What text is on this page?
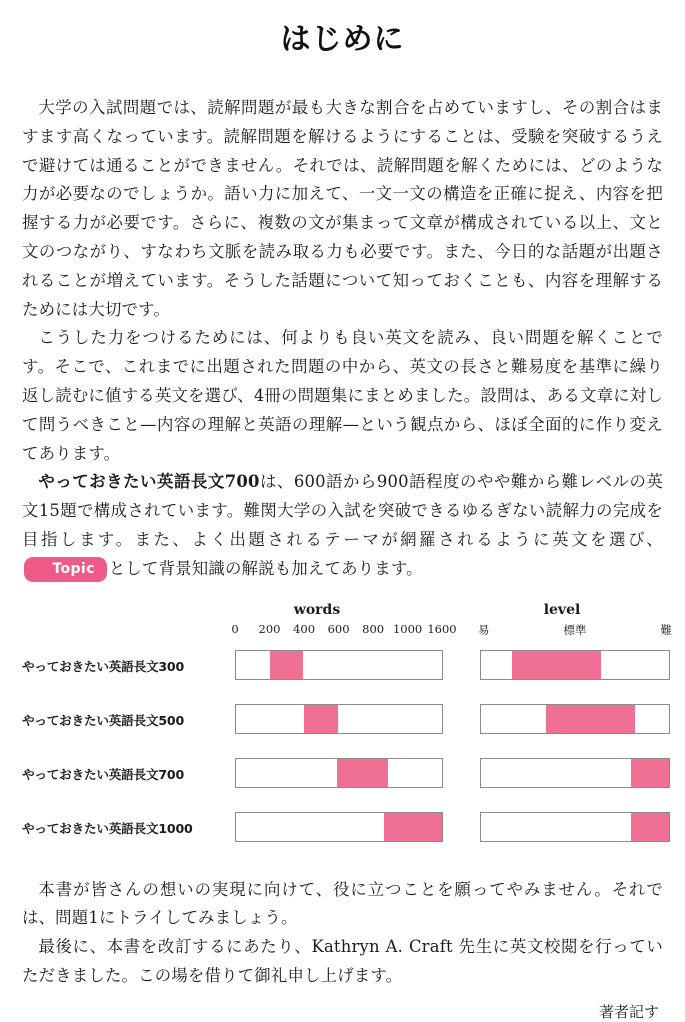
はじめに

大学の入試問題では、読解問題が最も大きな割合を占めていますし、その割合はますます高くなっています。読解問題を解けるようにすることは、受験を突破するうえで避けては通ることができません。それでは、読解問題を解くためには、どのような力が必要なのでしょうか。語い力に加えて、一文一文の構造を正確に捉え、内容を把握する力が必要です。さらに、複数の文が集まって文章が構成されている以上、文と文のつながり、すなわち文脈を読み取る力も必要です。また、今日的な話題が出題されることが増えています。そうした話題について知っておくことも、内容を理解するためには大切です。

こうした力をつけるためには、何よりも良い英文を読み、良い問題を解くことです。そこで、これまでに出題された問題の中から、英文の長さと難易度を基準に繰り返し読むに値する英文を選び、4冊の問題集にまとめました。設問は、ある文章に対して問うべきこと—内容の理解と英語の理解—という観点から、ほぼ全面的に作り変えてあります。

やっておきたい英語長文700は、600語から900語程度のやや難から難レベルの英文15題で構成されています。難関大学の入試を突破できるゆるぎない読解力の完成を目指します。また、よく出題されるテーマが網羅されるように英文を選び、Topic として背景知識の解説も加えてあります。

words	level
0 200 400 600 800 1000 1600 易	標準	難
やっておきたい英語長文300
やっておきたい英語長文500
やっておきたい英語長文700
やっておきたい英語長文1000

本書が皆さんの想いの実現に向けて、役に立つことを願ってやみません。それでは、問題1にトライしてみましょう。

最後に、本書を改訂するにあたり、Kathryn A. Craft 先生に英文校閲を行っていただきました。この場を借りて御礼申し上げます。

著者記す
